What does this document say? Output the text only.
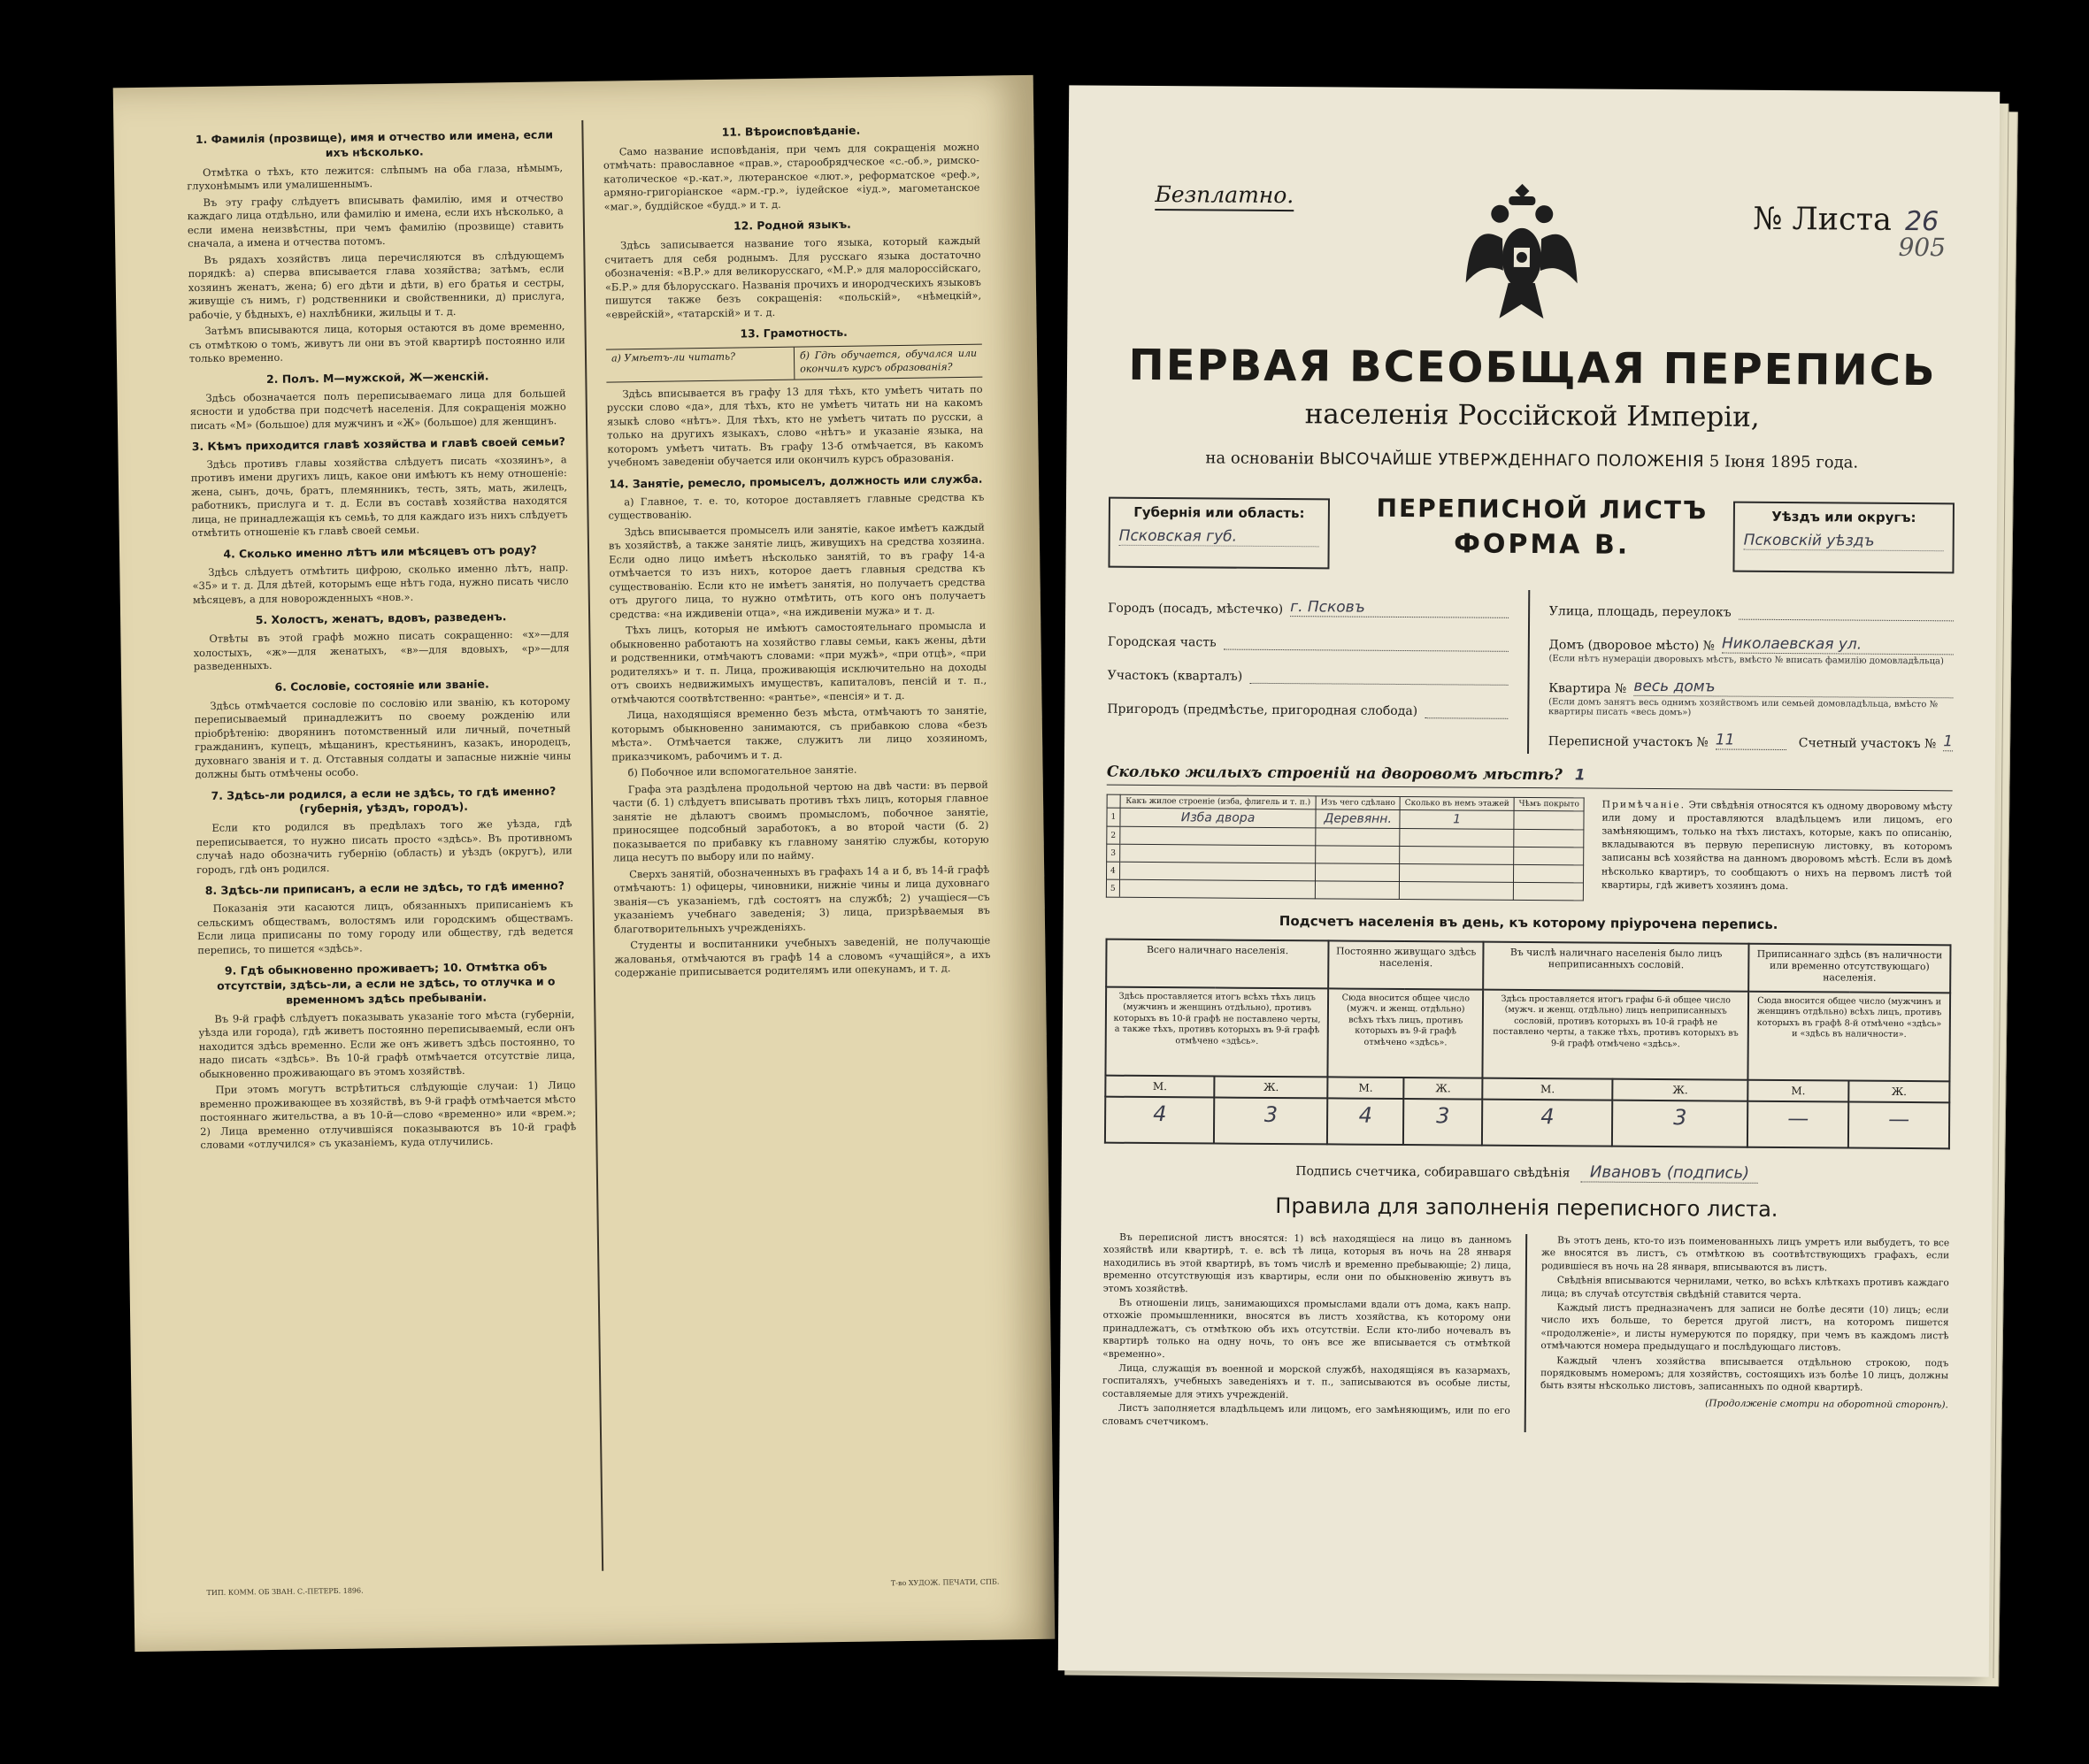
1. Фамилія (прозвище), имя и отчество или имена, если ихъ нѣсколько.

Отмѣтка о тѣхъ, кто лежится: слѣпымъ на оба глаза, нѣмымъ, глухонѣмымъ или умалишеннымъ.

Въ эту графу слѣдуетъ вписывать фамилію, имя и отчество каждаго лица отдѣльно, или фамилію и имена, если ихъ нѣсколько, а если имена неизвѣстны, при чемъ фамилію (прозвище) ставить сначала, а имена и отчества потомъ.

Въ рядахъ хозяйствъ лица перечисляются въ слѣдующемъ порядкѣ: а) сперва вписывается глава хозяйства; затѣмъ, если хозяинъ женатъ, жена; б) его дѣти и дѣти, в) его братья и сестры, живущіе съ нимъ, г) родственники и свойственники, д) прислуга, рабочіе, у бѣдныхъ, е) нахлѣбники, жильцы и т. д.

Затѣмъ вписываются лица, которыя остаются въ доме временно, съ отмѣткою о томъ, живутъ ли они въ этой квартирѣ постоянно или только временно.

2. Полъ. М—мужской, Ж—женскій.

Здѣсь обозначается полъ переписываемаго лица для большей ясности и удобства при подсчетѣ населенія. Для сокращенія можно писать «М» (большое) для мужчинъ и «Ж» (большое) для женщинъ.

3. Кѣмъ приходится главѣ хозяйства и главѣ своей семьи?

Здѣсь противъ главы хозяйства слѣдуетъ писать «хозяинъ», а противъ имени другихъ лицъ, какое они имѣютъ къ нему отношеніе: жена, сынъ, дочь, братъ, племянникъ, тесть, зять, мать, жилецъ, работникъ, прислуга и т. д. Если въ составѣ хозяйства находятся лица, не принадлежащія къ семьѣ, то для каждаго изъ нихъ слѣдуетъ отмѣтить отношеніе къ главѣ своей семьи.

4. Сколько именно лѣтъ или мѣсяцевъ отъ роду?

Здѣсь слѣдуетъ отмѣтить цифрою, сколько именно лѣтъ, напр. «35» и т. д. Для дѣтей, которымъ еще нѣтъ года, нужно писать число мѣсяцевъ, а для новорожденныхъ «нов.».

5. Холостъ, женатъ, вдовъ, разведенъ.

Отвѣты въ этой графѣ можно писать сокращенно: «х»—для холостыхъ, «ж»—для женатыхъ, «в»—для вдовыхъ, «р»—для разведенныхъ.

6. Сословіе, состояніе или званіе.

Здѣсь отмѣчается сословіе по сословію или званію, къ которому переписываемый принадлежитъ по своему рожденію или пріобрѣтенію: дворянинъ потомственный или личный, почетный гражданинъ, купецъ, мѣщанинъ, крестьянинъ, казакъ, инородецъ, духовнаго званія и т. д. Отставныя солдаты и запасные нижніе чины должны быть отмѣчены особо.

7. Здѣсь-ли родился, а если не здѣсь, то гдѣ именно? (губернія, уѣздъ, городъ).

Если кто родился въ предѣлахъ того же уѣзда, гдѣ переписывается, то нужно писать просто «здѣсь». Въ противномъ случаѣ надо обозначить губернію (область) и уѣздъ (округъ), или городъ, гдѣ онъ родился.

8. Здѣсь-ли приписанъ, а если не здѣсь, то гдѣ именно?

Показанія эти касаются лицъ, обязанныхъ приписаніемъ къ сельскимъ обществамъ, волостямъ или городскимъ обществамъ. Если лица приписаны по тому городу или обществу, гдѣ ведется перепись, то пишется «здѣсь».

9. Гдѣ обыкновенно проживаетъ; 10. Отмѣтка объ отсутствіи, здѣсь-ли, а если не здѣсь, то отлучка и о временномъ здѣсь пребываніи.

Въ 9-й графѣ слѣдуетъ показывать указаніе того мѣста (губерніи, уѣзда или города), гдѣ живетъ постоянно переписываемый, если онъ находится здѣсь временно. Если же онъ живетъ здѣсь постоянно, то надо писать «здѣсь». Въ 10-й графѣ отмѣчается отсутствіе лица, обыкновенно проживающаго въ этомъ хозяйствѣ.

При этомъ могутъ встрѣтиться слѣдующіе случаи: 1) Лицо временно проживающее въ хозяйствѣ, въ 9-й графѣ отмѣчается мѣсто постояннаго жительства, а въ 10-й—слово «временно» или «врем.»; 2) Лица временно отлучившіяся показываются въ 10-й графѣ словами «отлучился» съ указаніемъ, куда отлучились.

11. Вѣроисповѣданіе.

Само название исповѣданія, при чемъ для сокращенія можно отмѣчать: православное «прав.», старообрядческое «с.-об.», римско-католическое «р.-кат.», лютеранское «лют.», реформатское «реф.», армяно-григоріанское «арм.-гр.», іудейское «іуд.», магометанское «маг.», буддійское «будд.» и т. д.

12. Родной языкъ.

Здѣсь записывается название того языка, который каждый считаетъ для себя роднымъ. Для русскаго языка достаточно обозначенія: «В.Р.» для великорусскаго, «М.Р.» для малороссійскаго, «Б.Р.» для бѣлорусскаго. Названія прочихъ и инородческихъ языковъ пишутся также безъ сокращенія: «польскій», «нѣмецкій», «еврейскій», «татарскій» и т. д.

13. Грамотность.
а) Умѣетъ-ли читать?	б) Гдѣ обучается, обучался или окончилъ курсъ образованія?

Здѣсь вписывается въ графу 13 для тѣхъ, кто умѣетъ читать по русски слово «да», для тѣхъ, кто не умѣетъ читать ни на какомъ языкѣ слово «нѣтъ». Для тѣхъ, кто не умѣетъ читать по русски, а только на другихъ языкахъ, слово «нѣтъ» и указаніе языка, на которомъ умѣетъ читать. Въ графу 13-б отмѣчается, въ какомъ учебномъ заведеніи обучается или окончилъ курсъ образованія.

14. Занятіе, ремесло, промыселъ, должность или служба.

а) Главное, т. е. то, которое доставляетъ главные средства къ существованію.

Здѣсь вписывается промыселъ или занятіе, какое имѣетъ каждый въ хозяйствѣ, а также занятіе лицъ, живущихъ на средства хозяина. Если одно лицо имѣетъ нѣсколько занятій, то въ графу 14-а отмѣчается то изъ нихъ, которое даетъ главныя средства къ существованію. Если кто не имѣетъ занятія, но получаетъ средства отъ другого лица, то нужно отмѣтить, отъ кого онъ получаетъ средства: «на иждивеніи отца», «на иждивеніи мужа» и т. д.

Тѣхъ лицъ, которыя не имѣютъ самостоятельнаго промысла и обыкновенно работаютъ на хозяйство главы семьи, какъ жены, дѣти и родственники, отмѣчаютъ словами: «при мужѣ», «при отцѣ», «при родителяхъ» и т. п. Лица, проживающія исключительно на доходы отъ своихъ недвижимыхъ имуществъ, капиталовъ, пенсій и т. п., отмѣчаются соотвѣтственно: «рантье», «пенсія» и т. д.

Лица, находящіяся временно безъ мѣста, отмѣчаютъ то занятіе, которымъ обыкновенно занимаются, съ прибавкою слова «безъ мѣста». Отмѣчается также, служитъ ли лицо хозяиномъ, приказчикомъ, рабочимъ и т. д.

б) Побочное или вспомогательное занятіе.

Графа эта раздѣлена продольной чертою на двѣ части: въ первой части (б. 1) слѣдуетъ вписывать противъ тѣхъ лицъ, которыя главное занятіе не дѣлаютъ своимъ промысломъ, побочное занятіе, приносящее подсобный заработокъ, а во второй части (б. 2) показывается по прибавку къ главному занятію службы, которую лица несутъ по выбору или по найму.

Сверхъ занятій, обозначенныхъ въ графахъ 14 а и б, въ 14-й графѣ отмѣчаютъ: 1) офицеры, чиновники, нижніе чины и лица духовнаго званія—съ указаніемъ, гдѣ состоятъ на службѣ; 2) учащіеся—съ указаніемъ учебнаго заведенія; 3) лица, призрѣваемыя въ благотворительныхъ учрежденіяхъ.

Студенты и воспитанники учебныхъ заведеній, не получающіе жалованья, отмѣчаются въ графѣ 14 а словомъ «учащійся», а ихъ содержаніе приписывается родителямъ или опекунамъ, и т. д.

ТИП. КОММ. ОБ ЗВАН. С.-ПЕТЕРБ. 1896.
Т-во ХУДОЖ. ПЕЧАТИ, СПБ.
Безплатно.
№ Листа 26
905
ПЕРВАЯ ВСЕОБЩАЯ ПЕРЕПИСЬ
населенія Россійской Имперіи,
на основаніи ВЫСОЧАЙШЕ УТВЕРЖДЕННАГО ПОЛОЖЕНІЯ 5 Іюня 1895 года.
Губернія или область:
Псковская губ.
ПЕРЕПИСНОЙ ЛИСТЪ
ФОРМА В.
Уѣздъ или округъ:
Псковскій уѣздъ
Городъ (посадъ, мѣстечко) г. Псковъ
Городская часть
Участокъ (кварталъ)
Пригородъ (предмѣстье, пригородная слобода)
Улица, площадь, переулокъ
Домъ (дворовое мѣсто) № Николаевская ул.
(Если нѣтъ нумераціи дворовыхъ мѣстъ, вмѣсто № вписать фамилію домовладѣльца)
Квартира № весь домъ
(Если домъ занятъ весь однимъ хозяйствомъ или семьей домовладѣльца, вмѣсто № квартиры писать «весь домъ»)
Переписной участокъ № 11	Счетный участокъ № 1
Сколько жилыхъ строеній на дворовомъ мѣстѣ? 1
	Какъ жилое строеніе (изба, флигель и т. п.)	Изъ чего сдѣлано	Сколько въ немъ этажей	Чѣмъ покрыто
1	Изба двора	Деревянн.	1	
2				
3				
4				
5				
Примѣчаніе. Эти свѣдѣнія относятся къ одному дворовому мѣсту или дому и проставляются владѣльцемъ или лицомъ, его замѣняющимъ, только на тѣхъ листахъ, которые, какъ по описанію, вкладываются въ первую переписную листовку, въ которомъ записаны всѣ хозяйства на данномъ дворовомъ мѣстѣ. Если въ домѣ нѣсколько квартиръ, то сообщаютъ о нихъ на первомъ листѣ той квартиры, гдѣ живетъ хозяинъ дома.
Подсчетъ населенія въ день, къ которому пріурочена перепись.
Всего наличнаго населенія.		Постоянно живущаго здѣсь населенія.		Въ числѣ наличнаго населенія было лицъ неприписанныхъ сословій.		Приписаннаго здѣсь (въ наличности или временно отсутствующаго) населенія.	
Здѣсь проставляется итогъ всѣхъ тѣхъ лицъ (мужчинъ и женщинъ отдѣльно), противъ которыхъ въ 10-й графѣ не поставлено черты, а также тѣхъ, противъ которыхъ въ 9-й графѣ отмѣчено «здѣсь».		Сюда вносится общее число (мужч. и женщ. отдѣльно) всѣхъ тѣхъ лицъ, противъ которыхъ въ 9-й графѣ отмѣчено «здѣсь».		Здѣсь проставляется итогъ графы 6-й общее число (мужч. и женщ. отдѣльно) лицъ неприписанныхъ сословій, противъ которыхъ въ 10-й графѣ не поставлено черты, а также тѣхъ, противъ которыхъ въ 9-й графѣ отмѣчено «здѣсь».		Сюда вносится общее число (мужчинъ и женщинъ отдѣльно) всѣхъ лицъ, противъ которыхъ въ графѣ 8-й отмѣчено «здѣсь» и «здѣсь въ наличности».	
М.	Ж.	М.	Ж.	М.	Ж.	М.	Ж.
4	3	4	3	4	3	—	—
Подпись счетчика, собиравшаго свѣдѣнія Ивановъ (подпись)
Правила для заполненія переписного листа.

Въ переписной листъ вносятся: 1) всѣ находящіеся на лицо въ данномъ хозяйствѣ или квартирѣ, т. е. всѣ тѣ лица, которыя въ ночь на 28 января находились въ этой квартирѣ, въ томъ числѣ и временно пребывающіе; 2) лица, временно отсутствующія изъ квартиры, если они по обыкновенію живутъ въ этомъ хозяйствѣ.

Въ отношеніи лицъ, занимающихся промыслами вдали отъ дома, какъ напр. отхожіе промышленники, вносятся въ листъ хозяйства, къ которому они принадлежатъ, съ отмѣткою объ ихъ отсутствіи. Если кто-либо ночевалъ въ квартирѣ только на одну ночь, то онъ все же вписывается съ отмѣткой «временно».

Лица, служащія въ военной и морской службѣ, находящіяся въ казармахъ, госпиталяхъ, учебныхъ заведеніяхъ и т. п., записываются въ особые листы, составляемые для этихъ учрежденій.

Листъ заполняется владѣльцемъ или лицомъ, его замѣняющимъ, или по его словамъ счетчикомъ.

Въ этотъ день, кто-то изъ поименованныхъ лицъ умретъ или выбудетъ, то все же вносятся въ листъ, съ отмѣткою въ соотвѣтствующихъ графахъ, если родившіеся въ ночь на 28 января, вписываются въ листъ.

Свѣдѣнія вписываются чернилами, четко, во всѣхъ клѣткахъ противъ каждаго лица; въ случаѣ отсутствія свѣдѣній ставится черта.

Каждый листъ предназначенъ для записи не болѣе десяти (10) лицъ; если число ихъ больше, то берется другой листъ, на которомъ пишется «продолженіе», и листы нумеруются по порядку, при чемъ въ каждомъ листѣ отмѣчаются номера предыдущаго и послѣдующаго листовъ.

Каждый членъ хозяйства вписывается отдѣльною строкою, подъ порядковымъ номеромъ; для хозяйствъ, состоящихъ изъ болѣе 10 лицъ, должны быть взяты нѣсколько листовъ, записанныхъ по одной квартирѣ.

(Продолженіе смотри на оборотной сторонѣ).
